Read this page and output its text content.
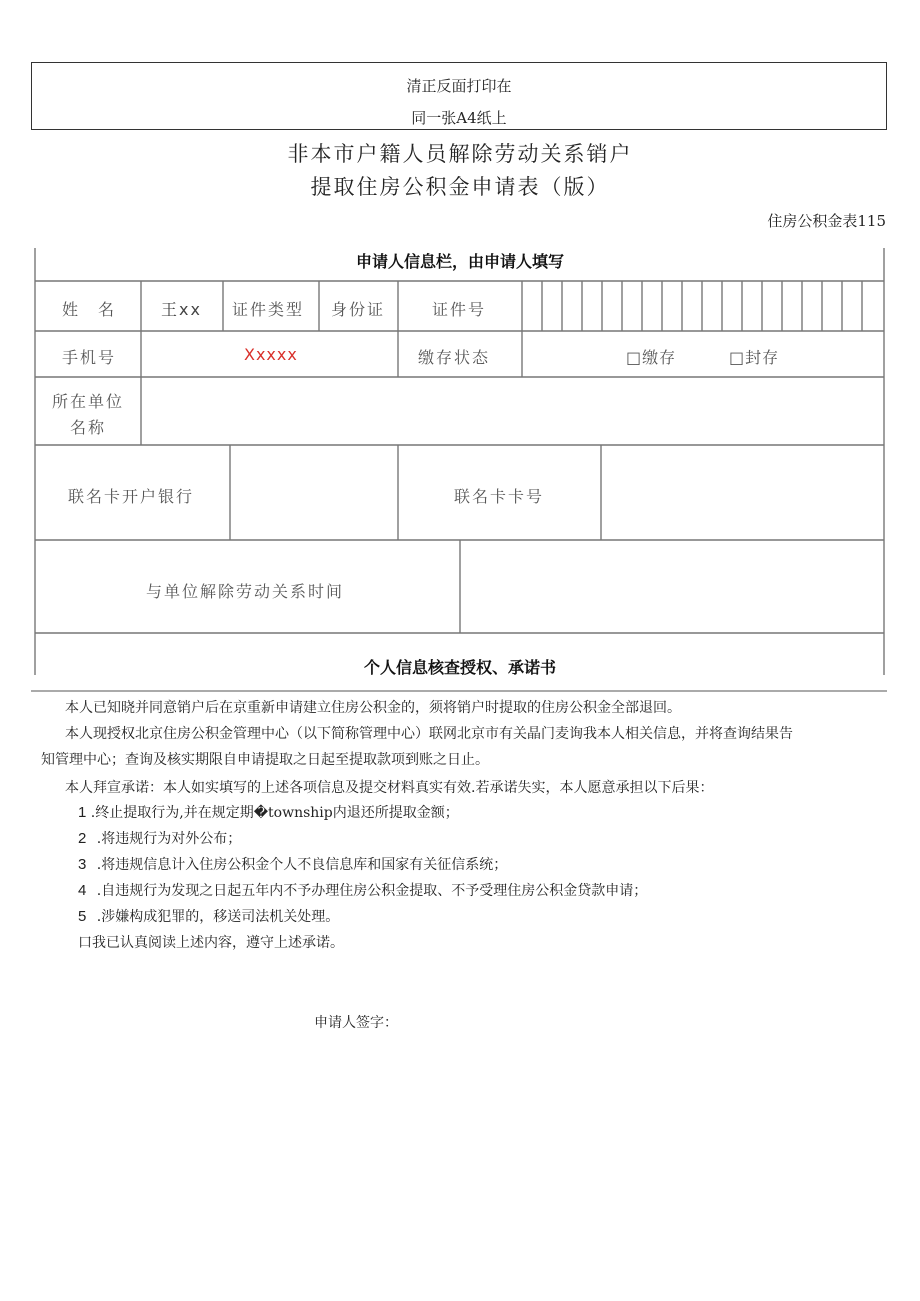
清正反面打印在
同一张A4纸上
非本市户籍人员解除劳动关系销户
提取住房公积金申请表（版）
住房公积金表115
申请人信息栏，由申请人填写
姓　名	王xx 证件类型 身份证	证件号
手机号	Xxxxx	缴存状态	□缴存	□封存
所在单位
名称
联名卡开户银行	联名卡卡号
与单位解除劳动关系时间
个人信息核查授权、承诺书
本人已知晓并同意销户后在京重新申请建立住房公积金的，须将销户时提取的住房公积金全部退回。
本人现授权北京住房公积金管理中心（以下简称管理中心）联网北京市有关晶门麦询我本人相关信息，并将查询结果告
知管理中心；查询及核实期限自申请提取之日起至提取款项到账之日止。
本人拜宣承诺：本人如实填写的上述各项信息及提交材料真实有效.若承诺失实，本人愿意承担以下后果：
1 .终止提取行为,并在规定期�township内退还所提取金额；
2 .将违规行为对外公布；
3 .将违规信息计入住房公积金个人不良信息库和国家有关征信系统；
4 .自违规行为发现之日起五年内不予办理住房公积金提取、不予受理住房公积金贷款申请；
5 .涉嫌构成犯罪的，移送司法机关处理。
口我已认真阅读上述内容，遵守上述承诺。
申请人签字：
